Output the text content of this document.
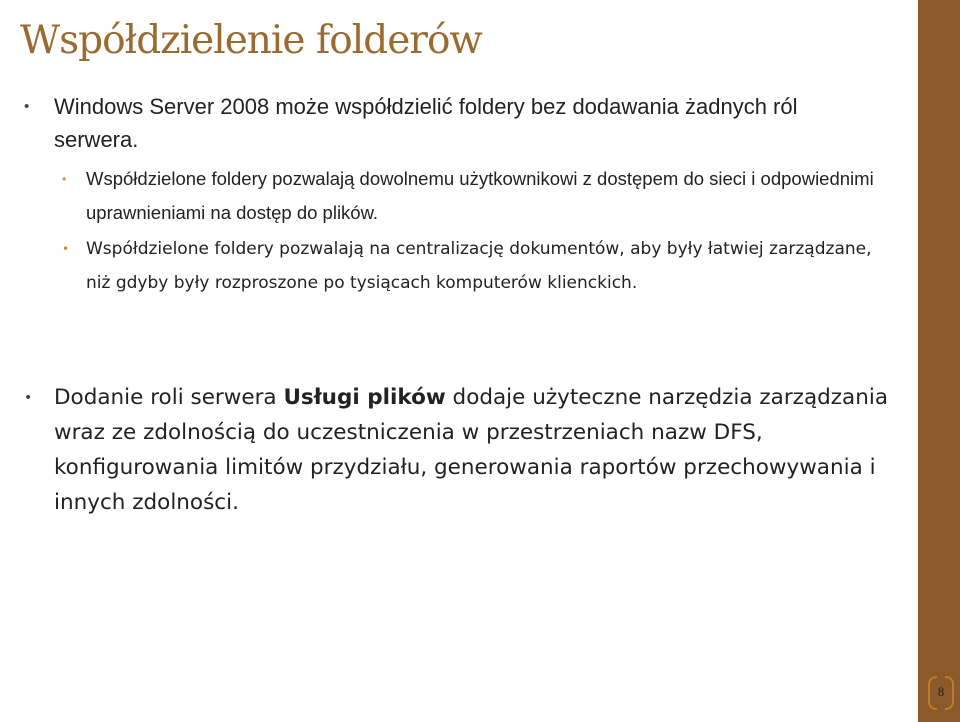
Współdzielenie folderów
•	Windows Server 2008 może współdzielić foldery bez dodawania żadnych ról serwera.

•	Współdzielone foldery pozwalają dowolnemu użytkownikowi z dostępem do sieci i odpowiednimi uprawnieniami na dostęp do plików.

• Współdzielone foldery pozwalają na centralizację dokumentów, aby były łatwiej zarządzane, niż gdyby były rozproszone po tysiącach komputerów klienckich.

•	Dodanie roli serwera Usługi plików dodaje użyteczne narzędzia zarządzania wraz ze zdolnością do uczestniczenia w przestrzeniach nazw DFS, konfigurowania limitów przydziału, generowania raportów przechowywania i innych zdolności.

8
